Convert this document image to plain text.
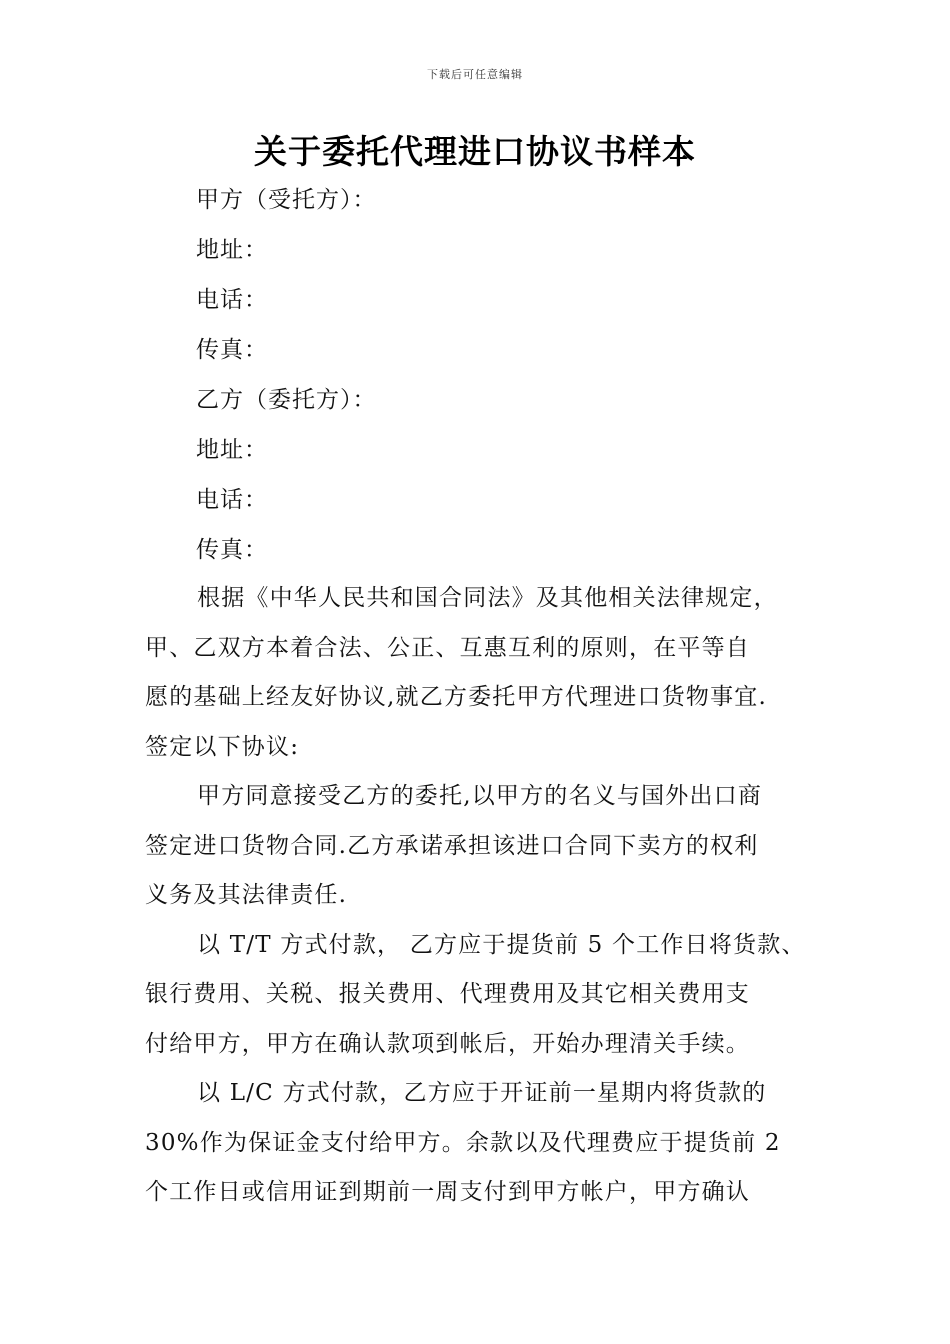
下载后可任意编辑
关于委托代理进口协议书样本
甲方（受托方）：
地址：
电话：
传真：
乙方（委托方）：
地址：
电话：
传真：

根据《中华人民共和国合同法》及其他相关法律规定，
甲、乙双方本着合法、公正、互惠互利的原则，在平等自
愿的基础上经友好协议,就乙方委托甲方代理进口货物事宜.
签定以下协议:

甲方同意接受乙方的委托,以甲方的名义与国外出口商
签定进口货物合同.乙方承诺承担该进口合同下卖方的权利
义务及其法律责任.

以 T/T 方式付款， 乙方应于提货前 5 个工作日将货款、
银行费用、关税、报关费用、代理费用及其它相关费用支
付给甲方，甲方在确认款项到帐后，开始办理清关手续。

以 L/C 方式付款，乙方应于开证前一星期内将货款的
30%作为保证金支付给甲方。余款以及代理费应于提货前 2
个工作日或信用证到期前一周支付到甲方帐户，甲方确认
